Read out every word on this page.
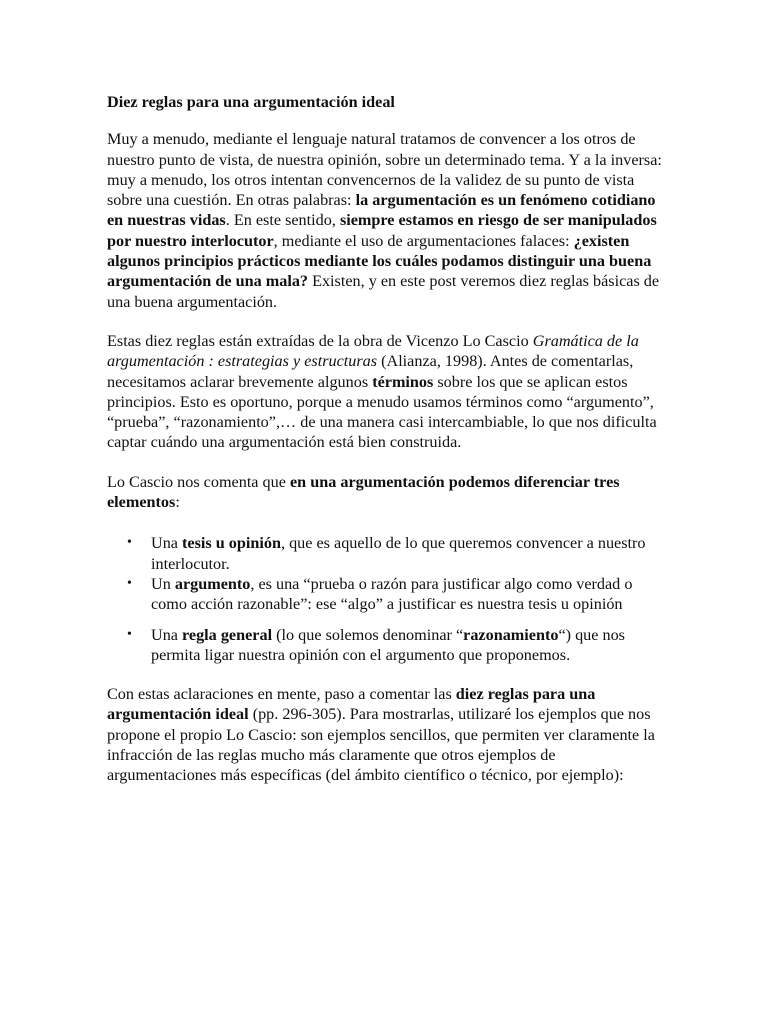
Diez reglas para una argumentación ideal

Muy a menudo, mediante el lenguaje natural tratamos de convencer a los otros de nuestro punto de vista, de nuestra opinión, sobre un determinado tema. Y a la inversa: muy a menudo, los otros intentan convencernos de la validez de su punto de vista sobre una cuestión. En otras palabras: la argumentación es un fenómeno cotidiano en nuestras vidas. En este sentido, siempre estamos en riesgo de ser manipulados por nuestro interlocutor, mediante el uso de argumentaciones falaces: ¿existen algunos principios prácticos mediante los cuáles podamos distinguir una buena argumentación de una mala? Existen, y en este post veremos diez reglas básicas de una buena argumentación.

Estas diez reglas están extraídas de la obra de Vicenzo Lo Cascio Gramática de la argumentación : estrategias y estructuras (Alianza, 1998). Antes de comentarlas, necesitamos aclarar brevemente algunos términos sobre los que se aplican estos principios. Esto es oportuno, porque a menudo usamos términos como “argumento”, “prueba”, “razonamiento”,… de una manera casi intercambiable, lo que nos dificulta captar cuándo una argumentación está bien construida.

Lo Cascio nos comenta que en una argumentación podemos diferenciar tres elementos:

• Una tesis u opinión, que es aquello de lo que queremos convencer a nuestro interlocutor.
• Un argumento, es una “prueba o razón para justificar algo como verdad o como acción razonable”: ese “algo” a justificar es nuestra tesis u opinión
• Una regla general (lo que solemos denominar “razonamiento“) que nos permita ligar nuestra opinión con el argumento que proponemos.

Con estas aclaraciones en mente, paso a comentar las diez reglas para una argumentación ideal (pp. 296-305). Para mostrarlas, utilizaré los ejemplos que nos propone el propio Lo Cascio: son ejemplos sencillos, que permiten ver claramente la infracción de las reglas mucho más claramente que otros ejemplos de argumentaciones más específicas (del ámbito científico o técnico, por ejemplo):
